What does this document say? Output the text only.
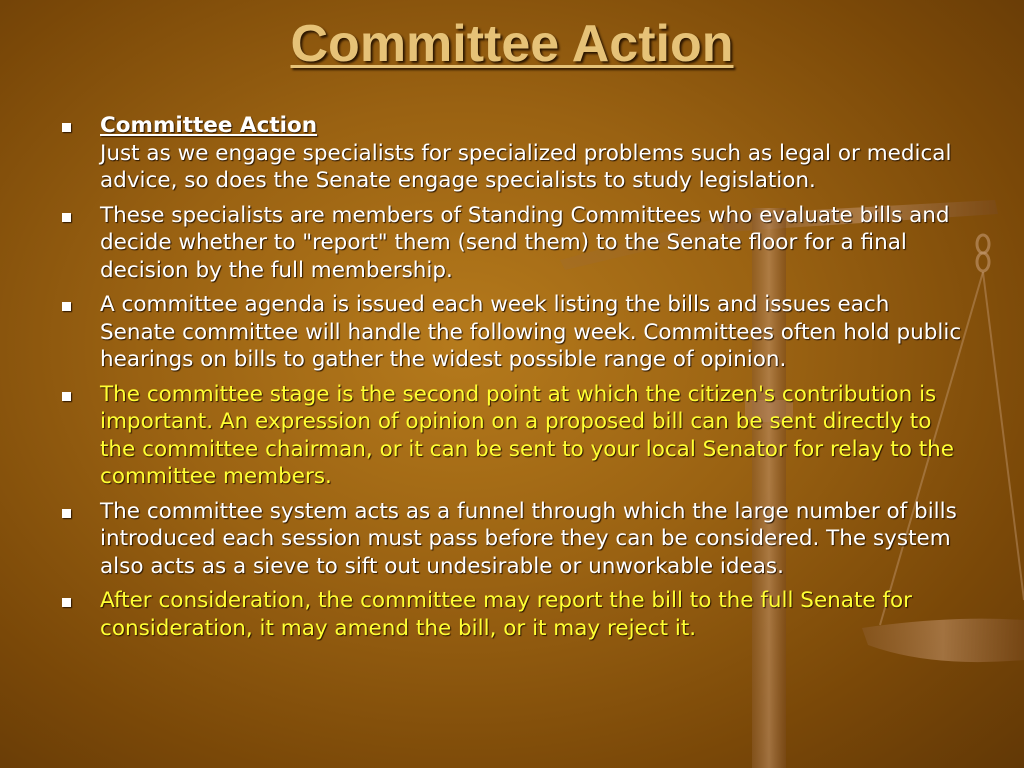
Committee Action
Committee Action
Just as we engage specialists for specialized problems such as legal or medical advice, so does the Senate engage specialists to study legislation.
These specialists are members of Standing Committees who evaluate bills and decide whether to "report" them (send them) to the Senate floor for a final decision by the full membership.
A committee agenda is issued each week listing the bills and issues each Senate committee will handle the following week. Committees often hold public hearings on bills to gather the widest possible range of opinion.
The committee stage is the second point at which the citizen's contribution is important. An expression of opinion on a proposed bill can be sent directly to the committee chairman, or it can be sent to your local Senator for relay to the committee members.
The committee system acts as a funnel through which the large number of bills introduced each session must pass before they can be considered. The system also acts as a sieve to sift out undesirable or unworkable ideas.
After consideration, the committee may report the bill to the full Senate for consideration, it may amend the bill, or it may reject it.
